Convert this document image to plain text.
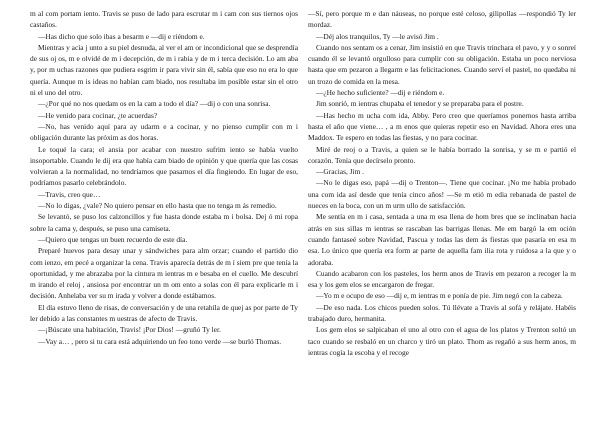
m al com portam iento. Travis se puso de lado para escrutar m i cam con sus tiernos ojos castaños.

—Has dicho que solo ibas a besarm e —dij e riéndom e.

Mientras y acía j unto a su piel desnuda, al ver el am or incondicional que se desprendía de sus oj os, m e olvidé de m i decepción, de m i rabia y de m i terca decisión. Lo am aba y, por m uchas razones que pudiera esgrim ir para vivir sin él, sabía que eso no era lo que quería. Aunque m is ideas no habían cam biado, nos resultaba im posible estar sin el otro ni el uno del otro.

—¿Por qué no nos quedam os en la cam a todo el día? —dij o con una sonrisa.

—He venido para cocinar, ¿te acuerdas?

—No, has venido aquí para ay udarm e a cocinar, y no pienso cumplir con m i obligación durante las próxim as dos horas.

Le toqué la cara; el ansia por acabar con nuestro sufrim iento se había vuelto insoportable. Cuando le dij era que había cam biado de opinión y que quería que las cosas volvieran a la normalidad, no tendríamos que pasarnos el día fingiendo. En lugar de eso, podríamos pasarlo celebrándolo.

—Travis, creo que…

—No lo digas, ¿vale? No quiero pensar en ello hasta que no tenga m ás remedio.

Se levantó, se puso los calzoncillos y fue hasta donde estaba m i bolsa. Dej ó mi ropa sobre la cama y, después, se puso una camiseta.

—Quiero que tengas un buen recuerdo de este día.

Preparé huevos para desay unar y sándwiches para alm orzar; cuando el partido dio com ienzo, em pecé a organizar la cena. Travis aparecía detrás de m í siem pre que tenía la oportunidad, y me abrazaba por la cintura m ientras m e besaba en el cuello. Me descubrí m irando el reloj , ansiosa por encontrar un m om ento a solas con él para explicarle m i decisión. Anhelaba ver su m irada y volver a donde estábamos.

El día estuvo lleno de risas, de conversación y de una retahíla de quej as por parte de Ty ler debido a las constantes m uestras de afecto de Travis.

—¡Búscate una habitación, Travis! ¡Por Dios! —gruñó Ty ler.

—Vay a… , pero si tu cara está adquiriendo un feo tono verde —se burló Thomas.

—Sí, pero porque m e dan náuseas, no porque esté celoso, gilipollas —respondió Ty ler mordaz.

—Déj alos tranquilos, Ty —le avisó Jim .

Cuando nos sentam os a cenar, Jim insistió en que Travis trinchara el pavo, y y o sonreí cuando él se levantó orgulloso para cumplir con su obligación. Estaba un poco nerviosa hasta que em pezaron a llegarm e las felicitaciones. Cuando serví el pastel, no quedaba ni un trozo de comida en la mesa.

—¿He hecho suficiente? —dij e riéndom e.

Jim sonrió, m ientras chupaba el tenedor y se preparaba para el postre.

—Has hecho m ucha com ida, Abby. Pero creo que queríamos ponernos hasta arriba hasta el año que viene… , a m enos que quieras repetir eso en Navidad. Ahora eres una Maddox. Te espero en todas las fiestas, y no para cocinar.

Miré de reoj o a Travis, a quien se le había borrado la sonrisa, y se m e partió el corazón. Tenía que decírselo pronto.

—Gracias, Jim .

—No le digas eso, papá —dij o Trenton—. Tiene que cocinar. ¡No me había probado una com ida así desde que tenía cinco años! —Se m etió m edia rebanada de pastel de nueces en la boca, con un m urm ullo de satisfacción.

Me sentía en m i casa, sentada a una m esa llena de hom bres que se inclinaban hacia atrás en sus sillas m ientras se rascaban las barrigas llenas. Me em bargó la em oción cuando fantaseé sobre Navidad, Pascua y todas las dem ás fiestas que pasaría en esa m esa. Lo único que quería era form ar parte de aquella fam ilia rota y ruidosa a la que y o adoraba.

Cuando acabaron con los pasteles, los herm anos de Travis em pezaron a recoger la m esa y los gem elos se encargaron de fregar.

—Yo m e ocupo de eso —dij e, m ientras m e ponía de pie. Jim negó con la cabeza.

—De eso nada. Los chicos pueden solos. Tú llévate a Travis al sofá y relájate. Habéis trabajado duro, hermanita.

Los gem elos se salpicaban el uno al otro con el agua de los platos y Trenton soltó un taco cuando se resbaló en un charco y tiró un plato. Thom as regañó a sus herm anos, m ientras cogía la escoba y el recoge
